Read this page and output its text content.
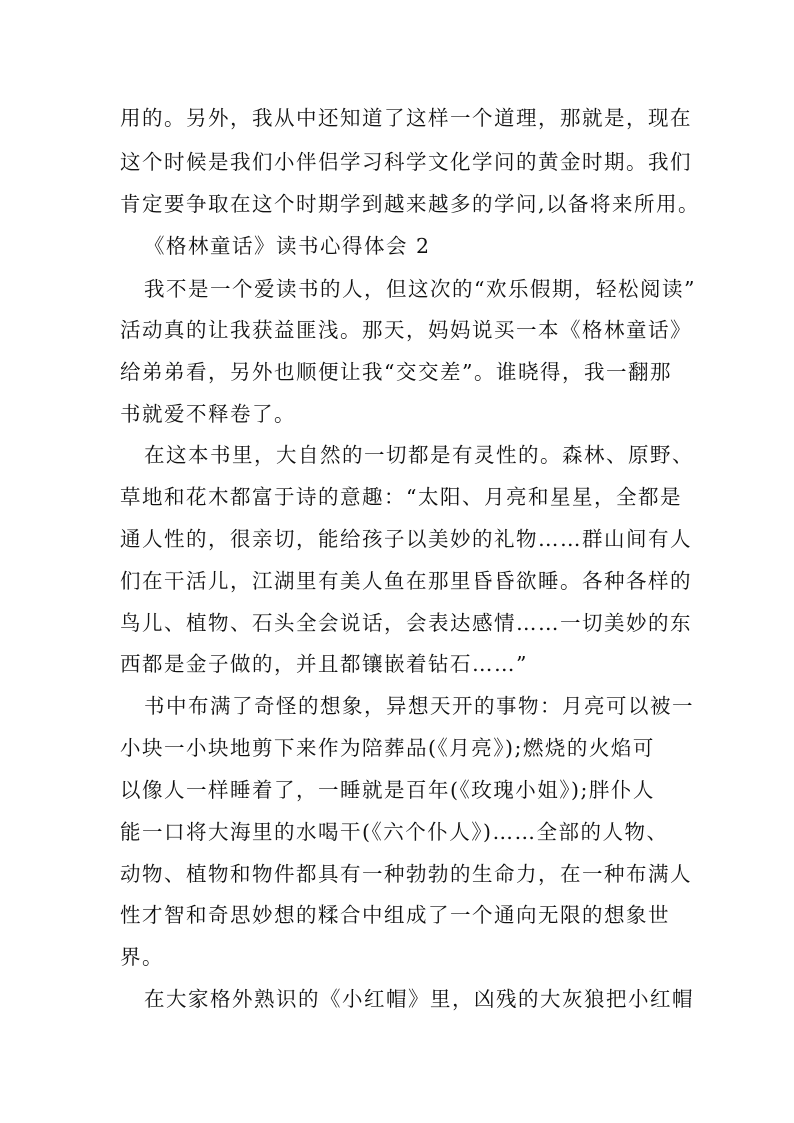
用的。另外，我从中还知道了这样一个道理，那就是，现在
这个时候是我们小伴侣学习科学文化学问的黄金时期。我们
肯定要争取在这个时期学到越来越多的学问,以备将来所用。
《格林童话》读书心得体会 2
我不是一个爱读书的人，但这次的“欢乐假期，轻松阅读”
活动真的让我获益匪浅。那天，妈妈说买一本《格林童话》
给弟弟看，另外也顺便让我“交交差”。谁晓得，我一翻那
书就爱不释卷了。
在这本书里，大自然的一切都是有灵性的。森林、原野、
草地和花木都富于诗的意趣：“太阳、月亮和星星，全都是
通人性的，很亲切，能给孩子以美妙的礼物……群山间有人
们在干活儿，江湖里有美人鱼在那里昏昏欲睡。各种各样的
鸟儿、植物、石头全会说话，会表达感情……一切美妙的东
西都是金子做的，并且都镶嵌着钻石……”
书中布满了奇怪的想象，异想天开的事物：月亮可以被一
小块一小块地剪下来作为陪葬品(《月亮》);燃烧的火焰可
以像人一样睡着了，一睡就是百年(《玫瑰小姐》);胖仆人
能一口将大海里的水喝干(《六个仆人》)……全部的人物、
动物、植物和物件都具有一种勃勃的生命力，在一种布满人
性才智和奇思妙想的糅合中组成了一个通向无限的想象世
界。
在大家格外熟识的《小红帽》里，凶残的大灰狼把小红帽
